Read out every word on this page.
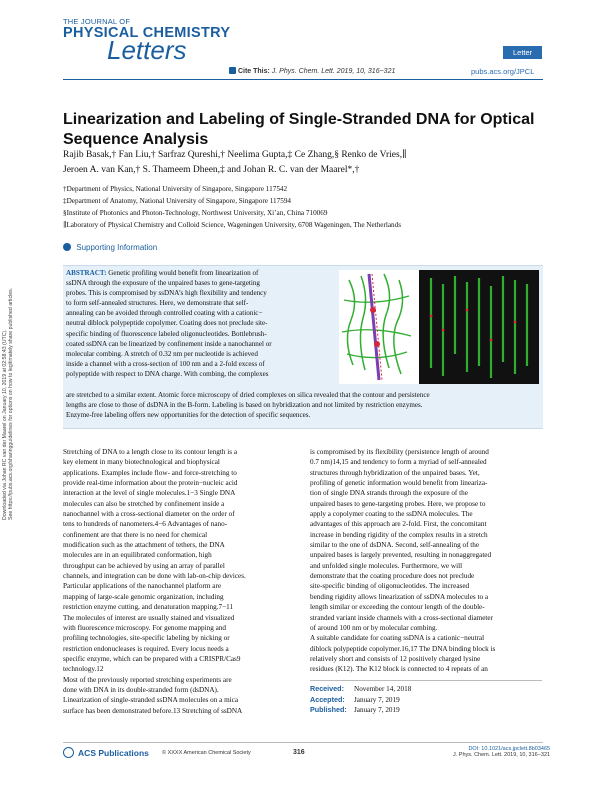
Downloaded via Johan RC van der Maarel on January 10, 2019 at 02:58:43 (UTC). See https://pubs.acs.org/sharingguidelines for options on how to legitimately share published articles.
THE JOURNAL OF
PHYSICAL CHEMISTRY
Letters	Letter
Cite This: J. Phys. Chem. Lett. 2019, 10, 316−321	pubs.acs.org/JPCL
Linearization and Labeling of Single-Stranded DNA for Optical
Sequence Analysis
Rajib Basak,† Fan Liu,† Sarfraz Qureshi,† Neelima Gupta,‡ Ce Zhang,§ Renko de Vries,∥
Jeroen A. van Kan,† S. Thameem Dheen,‡ and Johan R. C. van der Maarel*,†
†Department of Physics, National University of Singapore, Singapore 117542
‡Department of Anatomy, National University of Singapore, Singapore 117594
§Institute of Photonics and Photon-Technology, Northwest University, Xi’an, China 710069
∥Laboratory of Physical Chemistry and Colloid Science, Wageningen University, 6708 Wageningen, The Netherlands
Supporting Information
ABSTRACT: Genetic profiling would benefit from linearization of
ssDNA through the exposure of the unpaired bases to gene-targeting
probes. This is compromised by ssDNA’s high flexibility and tendency
to form self-annealed structures. Here, we demonstrate that self-
annealing can be avoided through controlled coating with a cationic−
neutral diblock polypeptide copolymer. Coating does not preclude site-
specific binding of fluorescence labeled oligonucleotides. Bottlebrush-
coated ssDNA can be linearized by confinement inside a nanochannel or
molecular combing. A stretch of 0.32 nm per nucleotide is achieved
inside a channel with a cross-section of 100 nm and a 2-fold excess of
polypeptide with respect to DNA charge. With combing, the complexes
are stretched to a similar extent. Atomic force microscopy of dried complexes on silica revealed that the contour and persistence
lengths are close to those of dsDNA in the B-form. Labeling is based on hybridization and not limited by restriction enzymes.
Enzyme-free labeling offers new opportunities for the detection of specific sequences.
Stretching of DNA to a length close to its contour length is a
key element in many biotechnological and biophysical
applications. Examples include flow- and force-stretching to
provide real-time information about the protein−nucleic acid
interaction at the level of single molecules.1−3 Single DNA
molecules can also be stretched by confinement inside a
nanochannel with a cross-sectional diameter on the order of
tens to hundreds of nanometers.4−6 Advantages of nano-
confinement are that there is no need for chemical
modification such as the attachment of tethers, the DNA
molecules are in an equilibrated conformation, high
throughput can be achieved by using an array of parallel
channels, and integration can be done with lab-on-chip devices.
Particular applications of the nanochannel platform are
mapping of large-scale genomic organization, including
restriction enzyme cutting, and denaturation mapping.7−11
The molecules of interest are usually stained and visualized
with fluorescence microscopy. For genome mapping and
profiling technologies, site-specific labeling by nicking or
restriction endonucleases is required. Every locus needs a
specific enzyme, which can be prepared with a CRISPR/Cas9
technology.12
Most of the previously reported stretching experiments are
done with DNA in its double-stranded form (dsDNA).
Linearization of single-stranded ssDNA molecules on a mica
surface has been demonstrated before.13 Stretching of ssDNA
is compromised by its flexibility (persistence length of around
0.7 nm)14,15 and tendency to form a myriad of self-annealed
structures through hybridization of the unpaired bases. Yet,
profiling of genetic information would benefit from lineariza-
tion of single DNA strands through the exposure of the
unpaired bases to gene-targeting probes. Here, we propose to
apply a copolymer coating to the ssDNA molecules. The
advantages of this approach are 2-fold. First, the concomitant
increase in bending rigidity of the complex results in a stretch
similar to the one of dsDNA. Second, self-annealing of the
unpaired bases is largely prevented, resulting in nonaggregated
and unfolded single molecules. Furthermore, we will
demonstrate that the coating procedure does not preclude
site-specific binding of oligonucleotides. The increased
bending rigidity allows linearization of ssDNA molecules to a
length similar or exceeding the contour length of the double-
stranded variant inside channels with a cross-sectional diameter
of around 100 nm or by molecular combing.
A suitable candidate for coating ssDNA is a cationic−neutral
diblock polypeptide copolymer.16,17 The DNA binding block is
relatively short and consists of 12 positively charged lysine
residues (K12). The K12 block is connected to 4 repeats of an
Received: November 14, 2018
Accepted: January 7, 2019
Published: January 7, 2019
ACS Publications © XXXX American Chemical Society	316	DOI: 10.1021/acs.jpclett.8b03465
J. Phys. Chem. Lett. 2019, 10, 316−321
